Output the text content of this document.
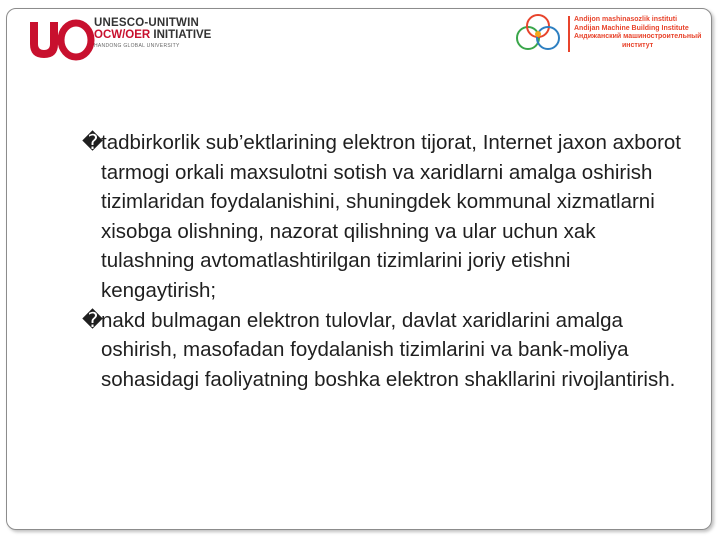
UNESCO-UNITWIN
OCW/OER INITIATIVE
HANDONG GLOBAL UNIVERSITY
Andijon mashinasozlik instituti
Andijan Machine Building Institute
Андижанский машиностроительный
институт
�
tadbirkorlik sub’ektlarining elektron tijorat, Internet jaxon axborot tarmogi orkali maxsulotni sotish va xaridlarni amalga oshirish tizimlaridan foydalanishini, shuningdek kommunal xizmatlarni xisobga olishning, nazorat qilishning va ular uchun xak tulashning avtomatlashtirilgan tizimlarini joriy etishni kengaytirish;
�
nakd bulmagan elektron tulovlar, davlat xaridlarini amalga oshirish, masofadan foydalanish tizimlarini va bank-moliya sohasidagi faoliyatning boshka elektron shakllarini rivojlantirish.
